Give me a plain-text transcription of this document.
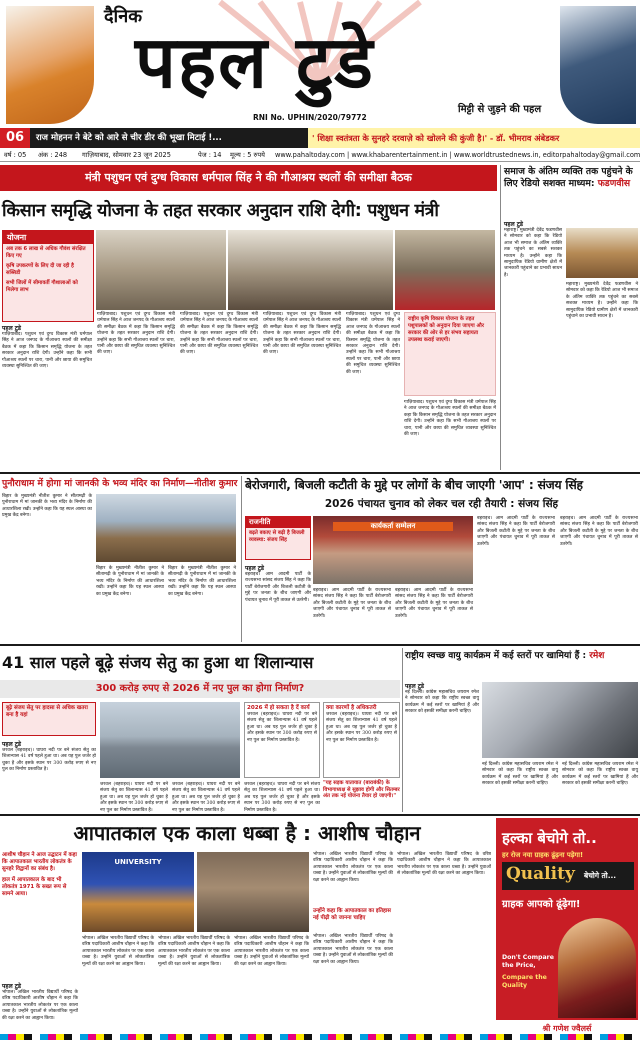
दैनिक
पहल टुडे
मिट्टी से जुड़ने की पहल
RNI No. UPHIN/2020/79772
06	राज मोहनन ने बेटे को आरे से चीर डीर की भूखा मिटाई !...	' शिक्षा स्वतंत्रता के सुनहरे दरवाज़े को खोलने की कुंजी है।' - डॉ. भीमराव अंबेडकर
वर्ष : 05 अंक : 248 गाज़ियाबाद, सोमवार 23 जून 2025	पेज : 14 मूल्य : 5 रुपये www.pahaltoday.com | www.khabarentertainment.in | www.worldtrustednews.in, editorpahaltoday@gmail.com
मंत्री पशुधन एवं दुग्ध विकास धर्मपाल सिंह ने की गौआश्रय स्थलों की समीक्षा बैठक
किसान समृद्धि योजना के तहत सरकार अनुदान राशि देगी: पशुधन मंत्री
योजना
अब तक 6 लाख से अधिक गौवंश संरक्षित किए गए
कृषि उपकरणों के लिए दी जा रही है सब्सिडी
सभी जिलों में सीमावर्ती गौशालाओं को मिलेगा लाभ
पहल टुडे
गाज़ियाबाद। पशुधन एवं दुग्ध विकास मंत्री धर्मपाल सिंह ने आज जनपद के गौआश्रय स्थलों की समीक्षा बैठक में कहा कि किसान समृद्धि योजना के तहत सरकार अनुदान राशि देगी। उन्होंने कहा कि सभी गौआश्रय स्थलों पर चारा, पानी और छाया की समुचित व्यवस्था सुनिश्चित की जाए।
गाज़ियाबाद। पशुधन एवं दुग्ध विकास मंत्री धर्मपाल सिंह ने आज जनपद के गौआश्रय स्थलों की समीक्षा बैठक में कहा कि किसान समृद्धि योजना के तहत सरकार अनुदान राशि देगी। उन्होंने कहा कि सभी गौआश्रय स्थलों पर चारा, पानी और छाया की समुचित व्यवस्था सुनिश्चित की जाए।
गाज़ियाबाद। पशुधन एवं दुग्ध विकास मंत्री धर्मपाल सिंह ने आज जनपद के गौआश्रय स्थलों की समीक्षा बैठक में कहा कि किसान समृद्धि योजना के तहत सरकार अनुदान राशि देगी। उन्होंने कहा कि सभी गौआश्रय स्थलों पर चारा, पानी और छाया की समुचित व्यवस्था सुनिश्चित की जाए।
गाज़ियाबाद। पशुधन एवं दुग्ध विकास मंत्री धर्मपाल सिंह ने आज जनपद के गौआश्रय स्थलों की समीक्षा बैठक में कहा कि किसान समृद्धि योजना के तहत सरकार अनुदान राशि देगी। उन्होंने कहा कि सभी गौआश्रय स्थलों पर चारा, पानी और छाया की समुचित व्यवस्था सुनिश्चित की जाए।
गाज़ियाबाद। पशुधन एवं दुग्ध विकास मंत्री धर्मपाल सिंह ने आज जनपद के गौआश्रय स्थलों की समीक्षा बैठक में कहा कि किसान समृद्धि योजना के तहत सरकार अनुदान राशि देगी। उन्होंने कहा कि सभी गौआश्रय स्थलों पर चारा, पानी और छाया की समुचित व्यवस्था सुनिश्चित की जाए।
राष्ट्रीय कृषि विकास योजना के तहत पशुपालकों को अनुदान दिया जाएगा और सरकार की ओर से हर संभव सहायता उपलब्ध कराई जाएगी।
गाज़ियाबाद। पशुधन एवं दुग्ध विकास मंत्री धर्मपाल सिंह ने आज जनपद के गौआश्रय स्थलों की समीक्षा बैठक में कहा कि किसान समृद्धि योजना के तहत सरकार अनुदान राशि देगी। उन्होंने कहा कि सभी गौआश्रय स्थलों पर चारा, पानी और छाया की समुचित व्यवस्था सुनिश्चित की जाए।
समाज के अंतिम व्यक्ति तक पहुंचने के लिए रेडियो सशक्त माध्यम: फडणवीस
पहल टुडे
महाराष्ट्र। मुख्यमंत्री देवेंद्र फडणवीस ने सोमवार को कहा कि रेडियो आज भी समाज के अंतिम व्यक्ति तक पहुंचने का सबसे सशक्त माध्यम है। उन्होंने कहा कि सामुदायिक रेडियो ग्रामीण क्षेत्रों में जानकारी पहुंचाने का प्रभावी साधन है।
महाराष्ट्र। मुख्यमंत्री देवेंद्र फडणवीस ने सोमवार को कहा कि रेडियो आज भी समाज के अंतिम व्यक्ति तक पहुंचने का सबसे सशक्त माध्यम है। उन्होंने कहा कि सामुदायिक रेडियो ग्रामीण क्षेत्रों में जानकारी पहुंचाने का प्रभावी साधन है।
पुनौराधाम में होगा मां जानकी के भव्य मंदिर का निर्माण—नीतीश कुमार
बिहार के मुख्यमंत्री नीतीश कुमार ने सीतामढ़ी के पुनौराधाम में मां जानकी के भव्य मंदिर के निर्माण की आधारशिला रखी। उन्होंने कहा कि यह स्थल आस्था का प्रमुख केंद्र बनेगा।
बिहार के मुख्यमंत्री नीतीश कुमार ने सीतामढ़ी के पुनौराधाम में मां जानकी के भव्य मंदिर के निर्माण की आधारशिला रखी। उन्होंने कहा कि यह स्थल आस्था का प्रमुख केंद्र बनेगा।
बिहार के मुख्यमंत्री नीतीश कुमार ने सीतामढ़ी के पुनौराधाम में मां जानकी के भव्य मंदिर के निर्माण की आधारशिला रखी। उन्होंने कहा कि यह स्थल आस्था का प्रमुख केंद्र बनेगा।
बेरोजगारी, बिजली कटौती के मुद्दे पर लोगों के बीच जाएगी 'आप' : संजय सिंह
2026 पंचायत चुनाव को लेकर चल रही तैयारी : संजय सिंह
राजनीति
बढ़ते बकाए से बढ़ी है बिजली व्यवस्था: संजय सिंह
कार्यकर्ता सम्मेलन
पहल टुडे
बहराइच। आम आदमी पार्टी के राज्यसभा सांसद संजय सिंह ने कहा कि पार्टी बेरोजगारी और बिजली कटौती के मुद्दे पर जनता के बीच जाएगी और पंचायत चुनाव में पूरी ताकत से उतरेगी।
बहराइच। आम आदमी पार्टी के राज्यसभा सांसद संजय सिंह ने कहा कि पार्टी बेरोजगारी और बिजली कटौती के मुद्दे पर जनता के बीच जाएगी और पंचायत चुनाव में पूरी ताकत से उतरेगी।
बहराइच। आम आदमी पार्टी के राज्यसभा सांसद संजय सिंह ने कहा कि पार्टी बेरोजगारी और बिजली कटौती के मुद्दे पर जनता के बीच जाएगी और पंचायत चुनाव में पूरी ताकत से उतरेगी।
बहराइच। आम आदमी पार्टी के राज्यसभा सांसद संजय सिंह ने कहा कि पार्टी बेरोजगारी और बिजली कटौती के मुद्दे पर जनता के बीच जाएगी और पंचायत चुनाव में पूरी ताकत से उतरेगी।
बहराइच। आम आदमी पार्टी के राज्यसभा सांसद संजय सिंह ने कहा कि पार्टी बेरोजगारी और बिजली कटौती के मुद्दे पर जनता के बीच जाएगी और पंचायत चुनाव में पूरी ताकत से उतरेगी।
41 साल पहले बूढ़े संजय सेतु का हुआ था शिलान्यास
300 करोड़ रुपए से 2026 में नए पुल का होगा निर्माण?
बूढ़े संजय सेतु पर हादसा से अधिक खतरा बना है यहां
पहल टुडे
जरवल (बहराइच)। घाघरा नदी पर बने संजय सेतु का शिलान्यास 41 वर्ष पहले हुआ था। अब यह पुल जर्जर हो चुका है और इसके स्थान पर 300 करोड़ रुपए से नए पुल का निर्माण प्रस्तावित है।
2026 में हो सकता है दें कार्य
जरवल (बहराइच)। घाघरा नदी पर बने संजय सेतु का शिलान्यास 41 वर्ष पहले हुआ था। अब यह पुल जर्जर हो चुका है और इसके स्थान पर 300 करोड़ रुपए से नए पुल का निर्माण प्रस्तावित है।
क्या कारणों है अधिकतरी
जरवल (बहराइच)। घाघरा नदी पर बने संजय सेतु का शिलान्यास 41 वर्ष पहले हुआ था। अब यह पुल जर्जर हो चुका है और इसके स्थान पर 300 करोड़ रुपए से नए पुल का निर्माण प्रस्तावित है।
"यह सड़क यातायात (बाराबंकी) के विभागाध्यक्ष से सुझाव होगी और सितम्बर अंत तक नई योजना तैयार हो जाएगी।"
जरवल (बहराइच)। घाघरा नदी पर बने संजय सेतु का शिलान्यास 41 वर्ष पहले हुआ था। अब यह पुल जर्जर हो चुका है और इसके स्थान पर 300 करोड़ रुपए से नए पुल का निर्माण प्रस्तावित है।
जरवल (बहराइच)। घाघरा नदी पर बने संजय सेतु का शिलान्यास 41 वर्ष पहले हुआ था। अब यह पुल जर्जर हो चुका है और इसके स्थान पर 300 करोड़ रुपए से नए पुल का निर्माण प्रस्तावित है।
जरवल (बहराइच)। घाघरा नदी पर बने संजय सेतु का शिलान्यास 41 वर्ष पहले हुआ था। अब यह पुल जर्जर हो चुका है और इसके स्थान पर 300 करोड़ रुपए से नए पुल का निर्माण प्रस्तावित है।
राष्ट्रीय स्वच्छ वायु कार्यक्रम में कई स्तरों पर खामियां हैं : रमेश
पहल टुडे
नई दिल्ली। कांग्रेस महासचिव जयराम रमेश ने सोमवार को कहा कि राष्ट्रीय स्वच्छ वायु कार्यक्रम में कई स्तरों पर खामियां हैं और सरकार को इसकी समीक्षा करनी चाहिए।
नई दिल्ली। कांग्रेस महासचिव जयराम रमेश ने सोमवार को कहा कि राष्ट्रीय स्वच्छ वायु कार्यक्रम में कई स्तरों पर खामियां हैं और सरकार को इसकी समीक्षा करनी चाहिए।
नई दिल्ली। कांग्रेस महासचिव जयराम रमेश ने सोमवार को कहा कि राष्ट्रीय स्वच्छ वायु कार्यक्रम में कई स्तरों पर खामियां हैं और सरकार को इसकी समीक्षा करनी चाहिए।
आपातकाल एक काला धब्बा है : आशीष चौहान
आशीष चौहान ने आज उद्घाटन में कहा कि आपातकाल भारतीय लोकतंत्र के सुनहरे विद्वानों का संबंध है।
हाल में आपातकाल के बाद भी लोकतंत्र 1971 के सख्त रूप से सामने आया।
पहल टुडे
भोपाल। अखिल भारतीय विद्यार्थी परिषद के वरिष्ठ पदाधिकारी आशीष चौहान ने कहा कि आपातकाल भारतीय लोकतंत्र पर एक काला धब्बा है। उन्होंने युवाओं से लोकतांत्रिक मूल्यों की रक्षा करने का आह्वान किया।
UNIVERSITY
भोपाल। अखिल भारतीय विद्यार्थी परिषद के वरिष्ठ पदाधिकारी आशीष चौहान ने कहा कि आपातकाल भारतीय लोकतंत्र पर एक काला धब्बा है। उन्होंने युवाओं से लोकतांत्रिक मूल्यों की रक्षा करने का आह्वान किया।
भोपाल। अखिल भारतीय विद्यार्थी परिषद के वरिष्ठ पदाधिकारी आशीष चौहान ने कहा कि आपातकाल भारतीय लोकतंत्र पर एक काला धब्बा है। उन्होंने युवाओं से लोकतांत्रिक मूल्यों की रक्षा करने का आह्वान किया।
भोपाल। अखिल भारतीय विद्यार्थी परिषद के वरिष्ठ पदाधिकारी आशीष चौहान ने कहा कि आपातकाल भारतीय लोकतंत्र पर एक काला धब्बा है। उन्होंने युवाओं से लोकतांत्रिक मूल्यों की रक्षा करने का आह्वान किया।
भोपाल। अखिल भारतीय विद्यार्थी परिषद के वरिष्ठ पदाधिकारी आशीष चौहान ने कहा कि आपातकाल भारतीय लोकतंत्र पर एक काला धब्बा है। उन्होंने युवाओं से लोकतांत्रिक मूल्यों की रक्षा करने का आह्वान किया।
उन्होंने कहा कि आपातकाल का इतिहास नई पीढ़ी को जानना चाहिए
भोपाल। अखिल भारतीय विद्यार्थी परिषद के वरिष्ठ पदाधिकारी आशीष चौहान ने कहा कि आपातकाल भारतीय लोकतंत्र पर एक काला धब्बा है। उन्होंने युवाओं से लोकतांत्रिक मूल्यों की रक्षा करने का आह्वान किया।
भोपाल। अखिल भारतीय विद्यार्थी परिषद के वरिष्ठ पदाधिकारी आशीष चौहान ने कहा कि आपातकाल भारतीय लोकतंत्र पर एक काला धब्बा है। उन्होंने युवाओं से लोकतांत्रिक मूल्यों की रक्षा करने का आह्वान किया।
हल्का बेचोगे तो..
हर रोज नया ग्राहक ढूंढ़ना पड़ेगा!
Quality बेचोगे तो...
ग्राहक आपको ढूंढ़ेगा!
Don't Compare the Price,
Compare the Quality
श्री गणेश ज्वैलर्स
